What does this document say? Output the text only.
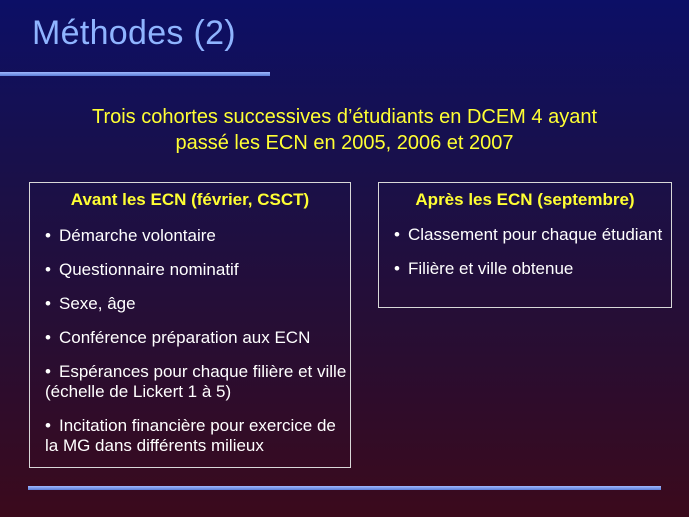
Méthodes (2)

Trois cohortes successives d’étudiants en DCEM 4 ayant
passé les ECN en 2005, 2006 et 2007

Avant les ECN (février, CSCT)
• Démarche volontaire
• Questionnaire nominatif
• Sexe, âge
• Conférence préparation aux ECN
• Espérances pour chaque filière et ville (échelle de Lickert 1 à 5)
• Incitation financière pour exercice de la MG dans différents milieux
Après les ECN (septembre)
• Classement pour chaque étudiant
• Filière et ville obtenue
